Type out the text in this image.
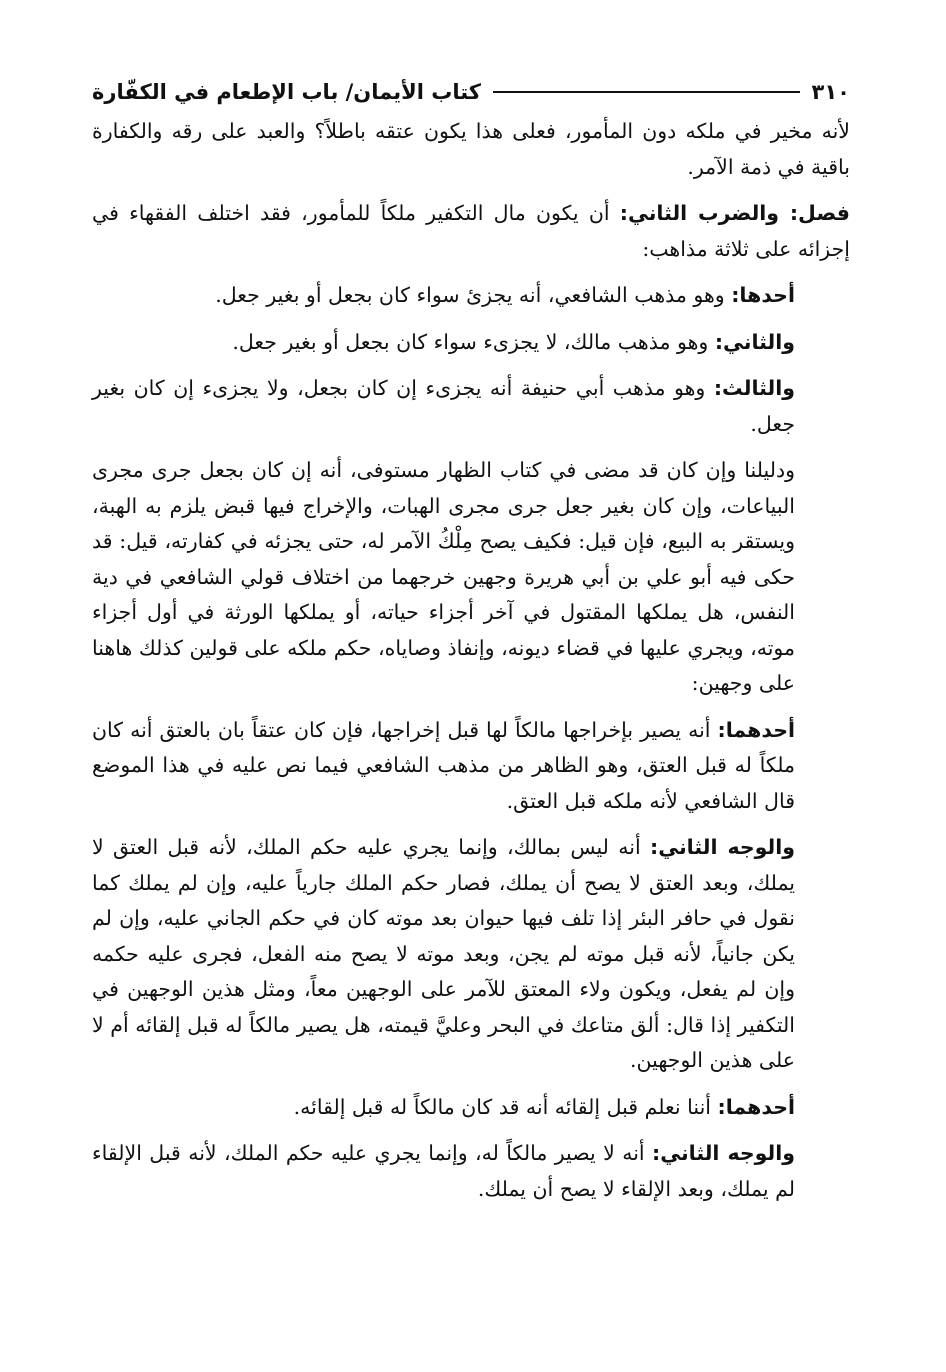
٣١٠
كتاب الأيمان/ باب الإطعام في الكفّارة

لأنه مخير في ملكه دون المأمور، فعلى هذا يكون عتقه باطلاً؟ والعبد على رقه والكفارة باقية في ذمة الآمر.

فصل: والضرب الثاني: أن يكون مال التكفير ملكاً للمأمور، فقد اختلف الفقهاء في إجزائه على ثلاثة مذاهب:

أحدها: وهو مذهب الشافعي، أنه يجزئ سواء كان بجعل أو بغير جعل.

والثاني: وهو مذهب مالك، لا يجزىء سواء كان بجعل أو بغير جعل.

والثالث: وهو مذهب أبي حنيفة أنه يجزىء إن كان بجعل، ولا يجزىء إن كان بغير جعل.

ودليلنا وإن كان قد مضى في كتاب الظهار مستوفى، أنه إن كان بجعل جرى مجرى البياعات، وإن كان بغير جعل جرى مجرى الهبات، والإخراج فيها قبض يلزم به الهبة، ويستقر به البيع، فإن قيل: فكيف يصح مِلْكُ الآمر له، حتى يجزئه في كفارته، قيل: قد حكى فيه أبو علي بن أبي هريرة وجهين خرجهما من اختلاف قولي الشافعي في دية النفس، هل يملكها المقتول في آخر أجزاء حياته، أو يملكها الورثة في أول أجزاء موته، ويجري عليها في قضاء ديونه، وإنفاذ وصاياه، حكم ملكه على قولين كذلك هاهنا على وجهين:

أحدهما: أنه يصير بإخراجها مالكاً لها قبل إخراجها، فإن كان عتقاً بان بالعتق أنه كان ملكاً له قبل العتق، وهو الظاهر من مذهب الشافعي فيما نص عليه في هذا الموضع قال الشافعي لأنه ملكه قبل العتق.

والوجه الثاني: أنه ليس بمالك، وإنما يجري عليه حكم الملك، لأنه قبل العتق لا يملك، وبعد العتق لا يصح أن يملك، فصار حكم الملك جارياً عليه، وإن لم يملك كما نقول في حافر البئر إذا تلف فيها حيوان بعد موته كان في حكم الجاني عليه، وإن لم يكن جانياً، لأنه قبل موته لم يجن، وبعد موته لا يصح منه الفعل، فجرى عليه حكمه وإن لم يفعل، ويكون ولاء المعتق للآمر على الوجهين معاً، ومثل هذين الوجهين في التكفير إذا قال: ألق متاعك في البحر وعليَّ قيمته، هل يصير مالكاً له قبل إلقائه أم لا على هذين الوجهين.

أحدهما: أننا نعلم قبل إلقائه أنه قد كان مالكاً له قبل إلقائه.

والوجه الثاني: أنه لا يصير مالكاً له، وإنما يجري عليه حكم الملك، لأنه قبل الإلقاء لم يملك، وبعد الإلقاء لا يصح أن يملك.
